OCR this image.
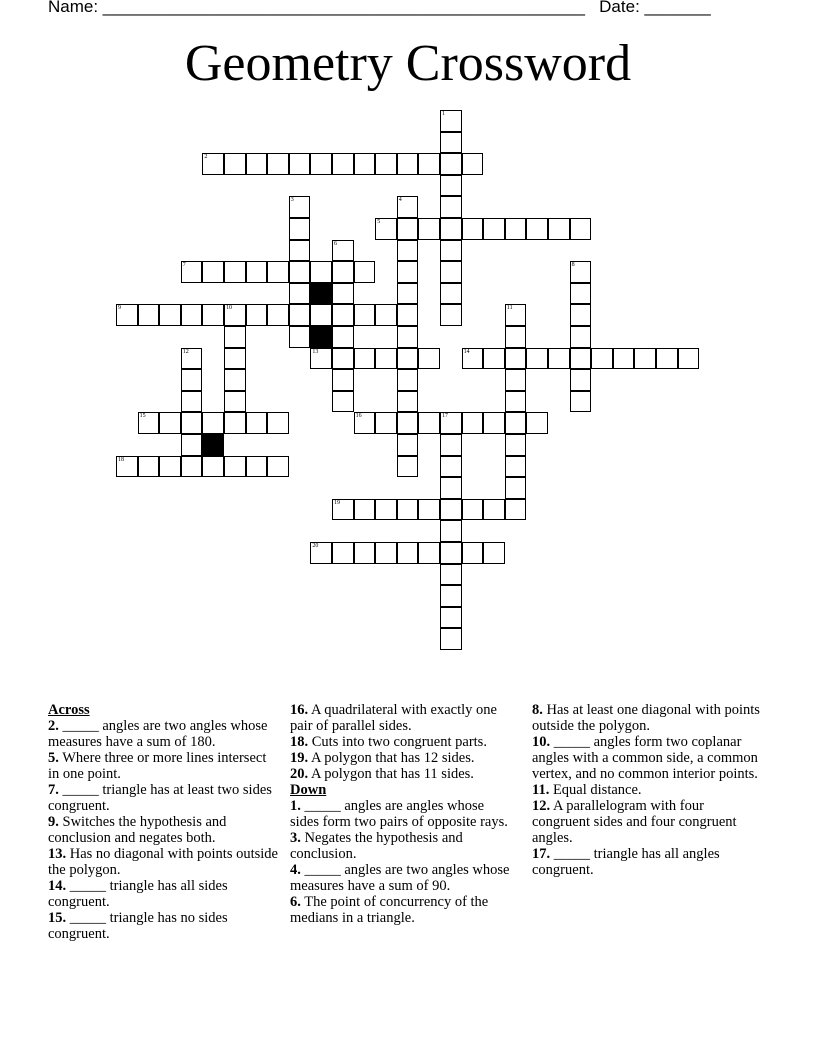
Name: ___________________________________________________   Date: _______
Geometry Crossword
1
2
3	4
5
6
7	8
9	10	11
12	13	14
15	16	17
18
19
20
Across
2. _____ angles are two angles whose measures have a sum of 180.
5. Where three or more lines intersect in one point.
7. _____ triangle has at least two sides congruent.
9. Switches the hypothesis and conclusion and negates both.
13. Has no diagonal with points outside the polygon.
14. _____ triangle has all sides congruent.
15. _____ triangle has no sides congruent.
16. A quadrilateral with exactly one pair of parallel sides.
18. Cuts into two congruent parts.
19. A polygon that has 12 sides.
20. A polygon that has 11 sides.
Down
1. _____ angles are angles whose sides form two pairs of opposite rays.
3. Negates the hypothesis and conclusion.
4. _____ angles are two angles whose measures have a sum of 90.
6. The point of concurrency of the medians in a triangle.
8. Has at least one diagonal with points outside the polygon.
10. _____ angles form two coplanar angles with a common side, a common vertex, and no common interior points.
11. Equal distance.
12. A parallelogram with four congruent sides and four congruent angles.
17. _____ triangle has all angles congruent.
